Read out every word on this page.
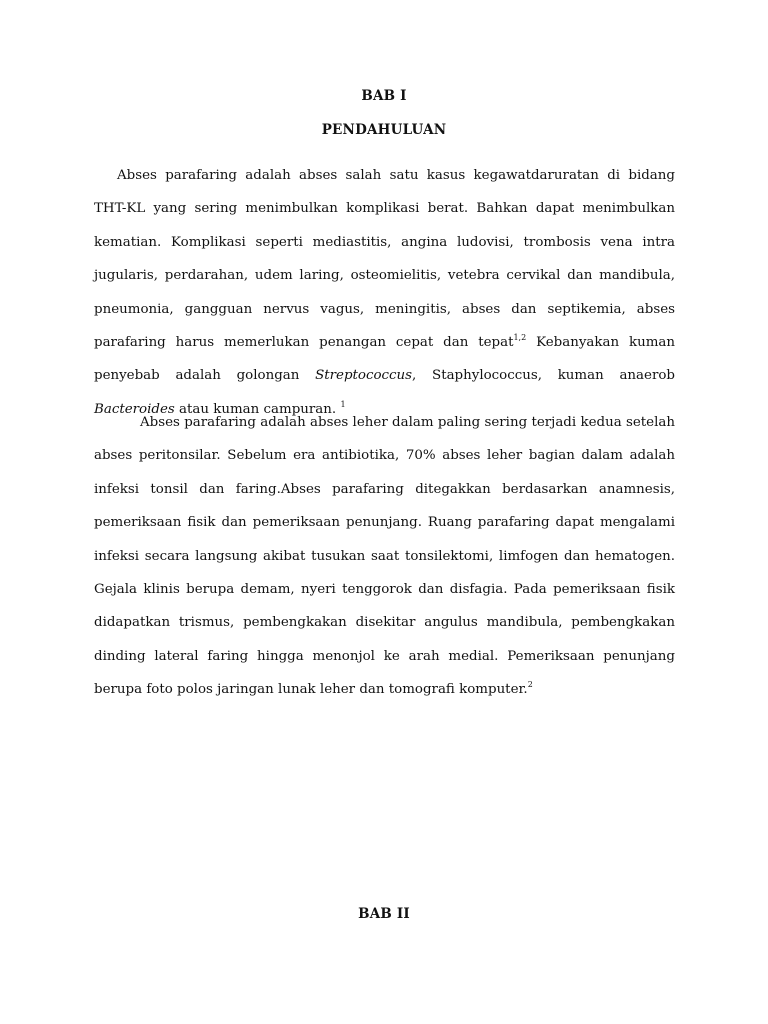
BAB I
PENDAHULUAN

Abses parafaring adalah abses salah satu kasus kegawatdaruratan di bidang THT-KL yang sering menimbulkan komplikasi berat. Bahkan dapat menimbulkan kematian. Komplikasi seperti mediastitis, angina ludovisi, trombosis vena intra jugularis, perdarahan, udem laring, osteomielitis, vetebra cervikal dan mandibula, pneumonia, gangguan nervus vagus, meningitis, abses dan septikemia, abses parafaring harus memerlukan penangan cepat dan tepat$^{1,2}$ Kebanyakan kuman penyebab adalah golongan Streptococcus, Staphylococcus, kuman anaerob Bacteroides atau kuman campuran. $^1$

Abses parafaring adalah abses leher dalam paling sering terjadi kedua setelah abses peritonsilar. Sebelum era antibiotika, 70% abses leher bagian dalam adalah infeksi tonsil dan faring.Abses parafaring ditegakkan berdasarkan anamnesis, pemeriksaan fisik dan pemeriksaan penunjang. Ruang parafaring dapat mengalami infeksi secara langsung akibat tusukan saat tonsilektomi, limfogen dan hematogen. Gejala klinis berupa demam, nyeri tenggorok dan disfagia. Pada pemeriksaan fisik didapatkan trismus, pembengkakan disekitar angulus mandibula, pembengkakan dinding lateral faring hingga menonjol ke arah medial. Pemeriksaan penunjang berupa foto polos jaringan lunak leher dan tomografi komputer.$^2$

BAB II
